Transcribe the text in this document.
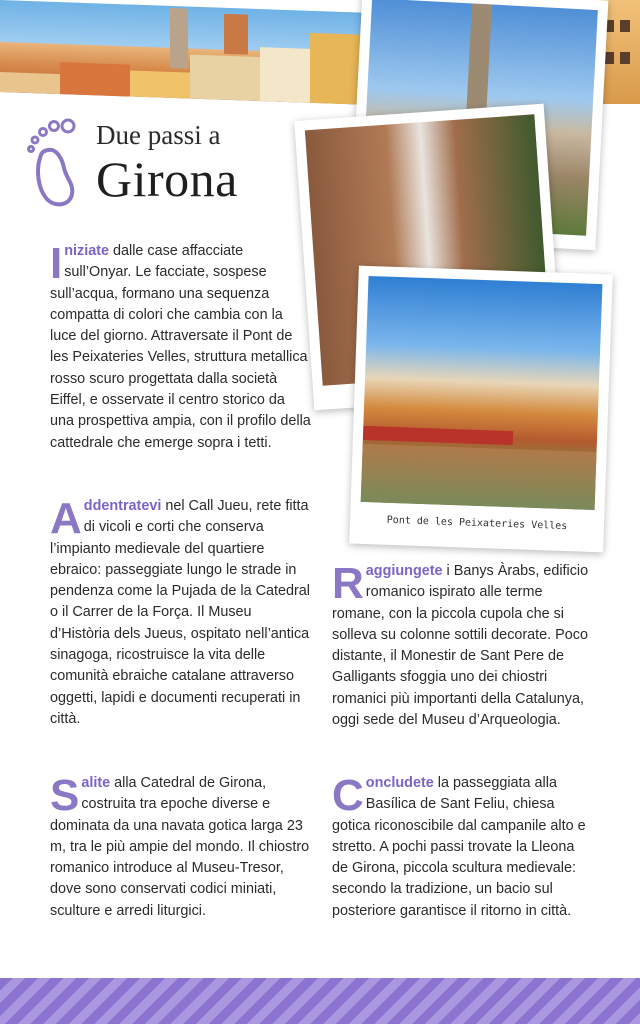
Pont de les Peixateries Velles
Due passi a
Girona

Iniziate dalle case affacciate sull’Onyar. Le facciate, sospese sull’acqua, formano una sequenza compatta di colori che cambia con la luce del giorno. Attraversate il Pont de les Peixateries Velles, struttura metallica rosso scuro progettata dalla società Eiffel, e osservate il centro storico da una prospettiva ampia, con il profilo della cattedrale che emerge sopra i tetti.

Addentratevi nel Call Jueu, rete fitta di vicoli e corti che conserva l’impianto medievale del quartiere ebraico: passeggiate lungo le strade in pendenza come la Pujada de la Catedral o il Carrer de la Força. Il Museu d’Història dels Jueus, ospitato nell’antica sinagoga, ricostruisce la vita delle comunità ebraiche catalane attraverso oggetti, lapidi e documenti recuperati in città.

Salite alla Catedral de Girona, costruita tra epoche diverse e dominata da una navata gotica larga 23 m, tra le più ampie del mondo. Il chiostro romanico introduce al Museu-Tresor, dove sono conservati codici miniati, sculture e arredi liturgici.

Raggiungete i Banys Àrabs, edificio romanico ispirato alle terme romane, con la piccola cupola che si solleva su colonne sottili decorate. Poco distante, il Monestir de Sant Pere de Galligants sfoggia uno dei chiostri romanici più importanti della Catalunya, oggi sede del Museu d’Arqueologia.

Concludete la passeggiata alla Basílica de Sant Feliu, chiesa gotica riconoscibile dal campanile alto e stretto. A pochi passi trovate la Lleona de Girona, piccola scultura medievale: secondo la tradizione, un bacio sul posteriore garantisce il ritorno in città.
